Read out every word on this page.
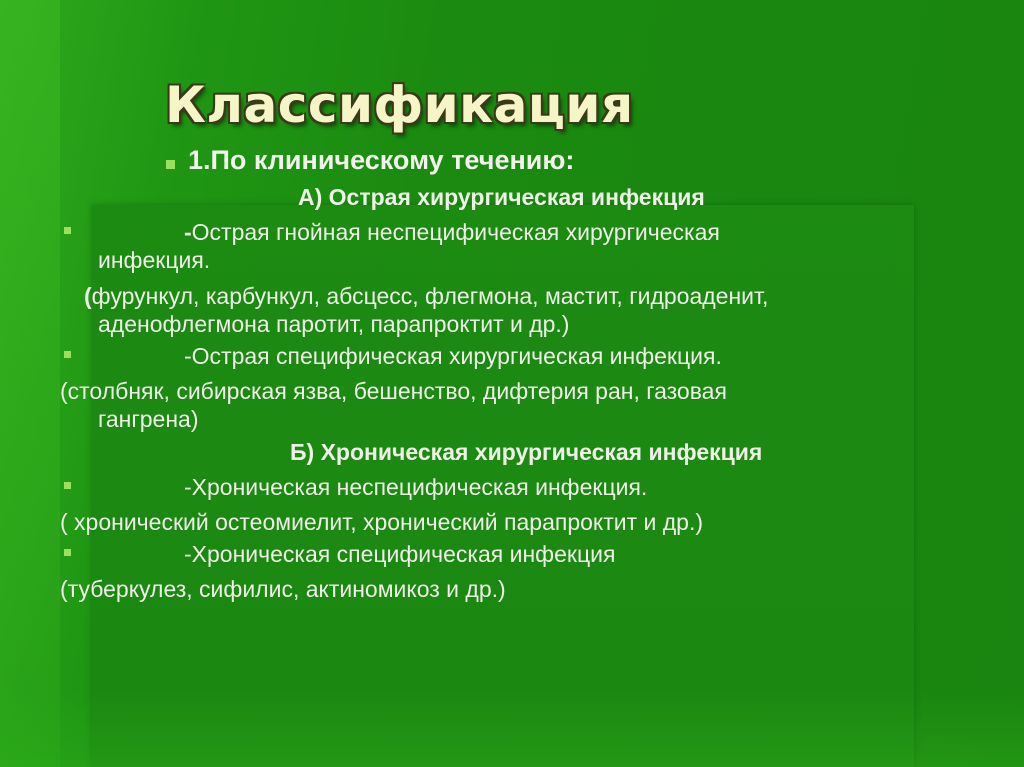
Классификация

1.По клиническому течению:

А) Острая хирургическая инфекция

-Острая гнойная неспецифическая хирургическая

инфекция.

(фурункул, карбункул, абсцесс, флегмона, мастит, гидроаденит,

аденофлегмона паротит, парапроктит и др.)

-Острая специфическая хирургическая инфекция.

(столбняк, сибирская язва, бешенство, дифтерия ран, газовая

гангрена)

Б) Хроническая хирургическая инфекция

-Хроническая неспецифическая инфекция.

( хронический остеомиелит, хронический парапроктит и др.)

-Хроническая специфическая инфекция

(туберкулез, сифилис, актиномикоз и др.)
